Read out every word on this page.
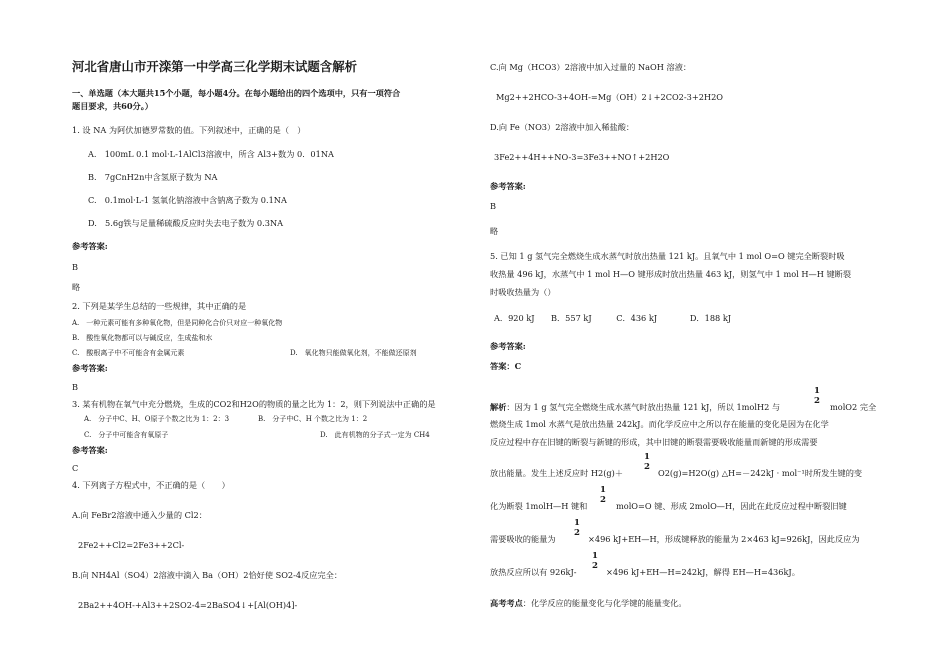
河北省唐山市开滦第一中学高三化学期末试题含解析
一、单选题（本大题共15个小题，每小题4分。在每小题给出的四个选项中，只有一项符合
题目要求，共60分。）
1. 设 NA 为阿伏加德罗常数的值。下列叙述中，正确的是（　）
A.　100mL 0.1 mol·L-1AlCl3溶液中，所含 Al3+数为 0．01NA
B.　7gCnH2n中含氢原子数为 NA
C.　0.1mol·L-1 氢氧化钠溶液中含钠离子数为 0.1NA
D.　5.6g铁与足量稀硫酸反应时失去电子数为 0.3NA
参考答案:
B
略
2. 下列是某学生总结的一些规律，其中正确的是
A.　一种元素可能有多种氧化物，但是同种化合价只对应一种氧化物
B.　酸性氧化物都可以与碱反应，生成盐和水
C.　酸根离子中不可能含有金属元素	D.　氧化物只能做氧化剂，不能做还原剂
参考答案:
B
3. 某有机物在氧气中充分燃烧，生成的CO2和H2O的物质的量之比为 1：2，则下列说法中正确的是
A.　分子中C、H、O原子个数之比为 1：2：3	B.　分子中C、H 个数之比为 1：2
C.　分子中可能含有氧原子	D.　此有机物的分子式一定为 CH4
参考答案:
C
4. 下列离子方程式中，不正确的是（　　）
A.向 FeBr2溶液中通入少量的 Cl2：
2Fe2++Cl2=2Fe3++2Cl-
B.向 NH4Al（SO4）2溶液中滴入 Ba（OH）2恰好使 SO2-4反应完全：
2Ba2++4OH-+Al3++2SO2-4=2BaSO4↓+[Al(OH)4]-
C.向 Mg（HCO3）2溶液中加入过量的 NaOH 溶液：
Mg2++2HCO-3+4OH-=Mg（OH）2↓+2CO2-3+2H2O
D.向 Fe（NO3）2溶液中加入稀盐酸：
3Fe2++4H++NO-3=3Fe3++NO↑+2H2O
参考答案:
B
略
5. 已知 1 g 氢气完全燃烧生成水蒸气时放出热量 121 kJ。且氧气中 1 mol O=O 键完全断裂时吸
收热量 496 kJ，水蒸气中 1 mol H—O 键形成时放出热量 463 kJ，则氢气中 1 mol H—H 键断裂
时吸收热量为（）
A．920 kJ　　B．557 kJ　　　C．436 kJ　　　　D．188 kJ
参考答案:
答案：C
解析：因为 1 g 氢气完全燃烧生成水蒸气时放出热量 121 kJ，所以 1molH2 与
1
2
molO2 完全
燃烧生成 1mol 水蒸气是放出热量 242kJ。而化学反应中之所以存在能量的变化是因为在化学
反应过程中存在旧键的断裂与新键的形成，其中旧键的断裂需要吸收能量而新键的形成需要
放出能量。发生上述反应时 H2(g)＋
1
2
O2(g)=H2O(g) △H=－242kJ · mol⁻¹时所发生键的变
化为断裂 1molH—H 键和
1
2
molO=O 键、形成 2molO—H，因此在此反应过程中断裂旧键
需要吸收的能量为
1
2
×496 kJ+EH—H，形成键释放的能量为 2×463 kJ=926kJ，因此反应为
放热反应所以有 926kJ-
1
2
×496 kJ+EH—H=242kJ，解得 EH—H=436kJ。
高考考点：化学反应的能量变化与化学键的能量变化。
